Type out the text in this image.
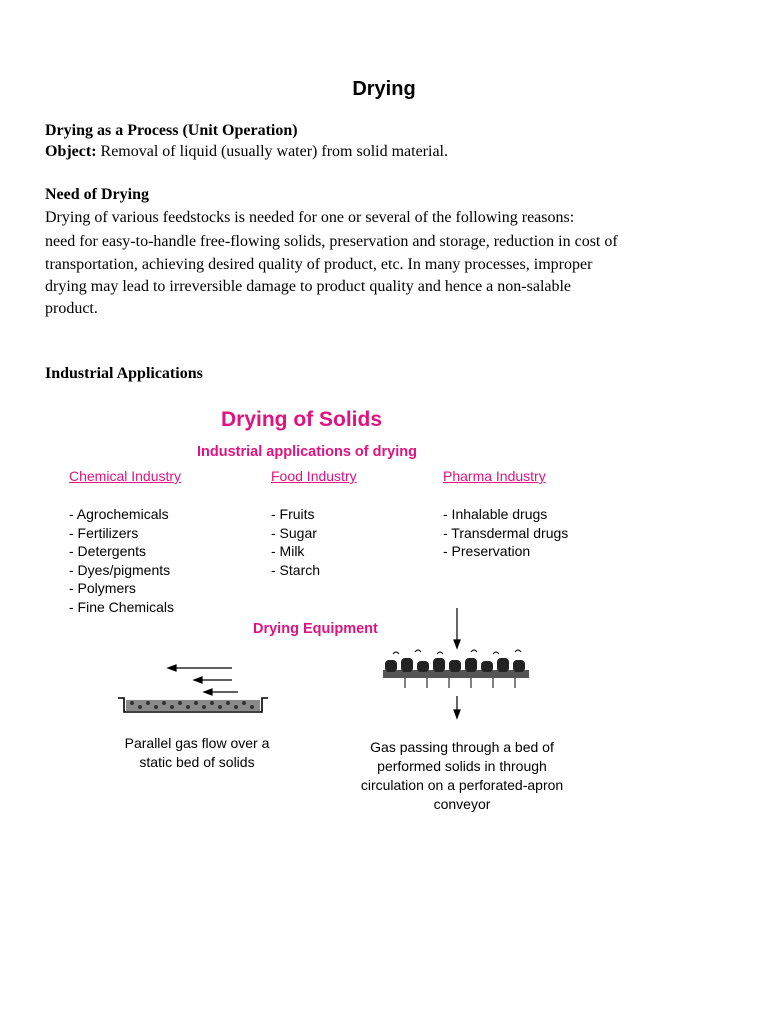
Drying
Drying as a Process (Unit Operation)
Object: Removal of liquid (usually water) from solid material.
Need of Drying
Drying of various feedstocks is needed for one or several of the following reasons:
need for easy-to-handle free-flowing solids, preservation and storage, reduction in cost of
transportation, achieving desired quality of product, etc. In many processes, improper
drying may lead to irreversible damage to product quality and hence a non-salable
product.
Industrial Applications
Drying of Solids
Industrial applications of drying
Chemical Industry	Food Industry	Pharma Industry
- Agrochemicals
- Fertilizers
- Detergents
- Dyes/pigments
- Polymers
- Fine Chemicals
- Fruits
- Sugar
- Milk
- Starch
- Inhalable drugs
- Transdermal drugs
- Preservation
Drying Equipment
Parallel gas flow over a
static bed of solids
Gas passing through a bed of
performed solids in through
circulation on a perforated-apron
conveyor
